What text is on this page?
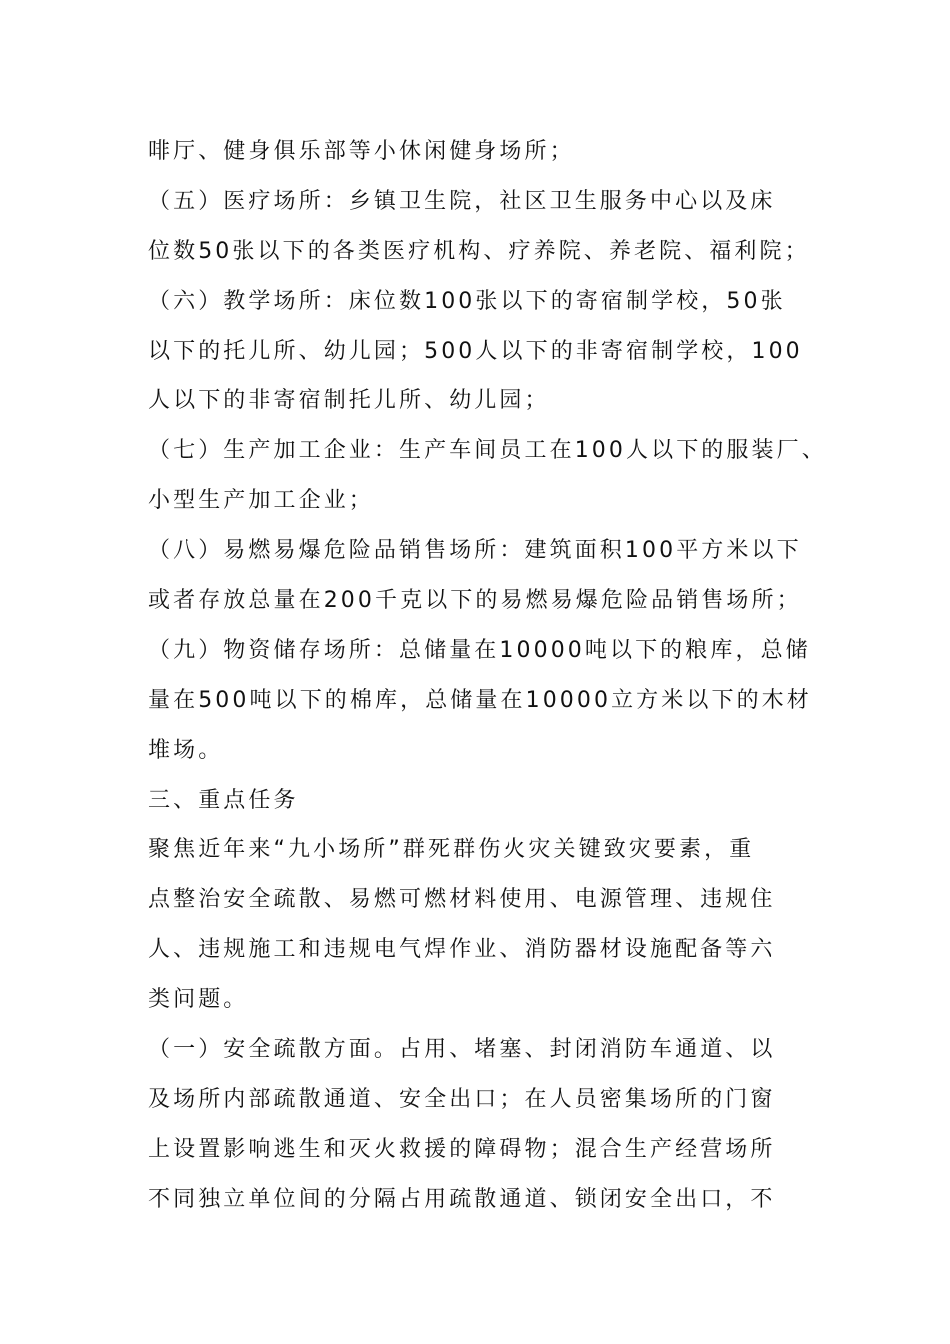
啡厅、健身俱乐部等小休闲健身场所；
（五）医疗场所：乡镇卫生院，社区卫生服务中心以及床
位数50张以下的各类医疗机构、疗养院、养老院、福利院；
（六）教学场所：床位数100张以下的寄宿制学校，50张
以下的托儿所、幼儿园；500人以下的非寄宿制学校，100
人以下的非寄宿制托儿所、幼儿园；
（七）生产加工企业：生产车间员工在100人以下的服装厂、
小型生产加工企业；
（八）易燃易爆危险品销售场所：建筑面积100平方米以下
或者存放总量在200千克以下的易燃易爆危险品销售场所；
（九）物资储存场所：总储量在10000吨以下的粮库，总储
量在500吨以下的棉库，总储量在10000立方米以下的木材
堆场。
三、重点任务
聚焦近年来“九小场所”群死群伤火灾关键致灾要素，重
点整治安全疏散、易燃可燃材料使用、电源管理、违规住
人、违规施工和违规电气焊作业、消防器材设施配备等六
类问题。
（一）安全疏散方面。占用、堵塞、封闭消防车通道、以
及场所内部疏散通道、安全出口；在人员密集场所的门窗
上设置影响逃生和灭火救援的障碍物；混合生产经营场所
不同独立单位间的分隔占用疏散通道、锁闭安全出口，不
